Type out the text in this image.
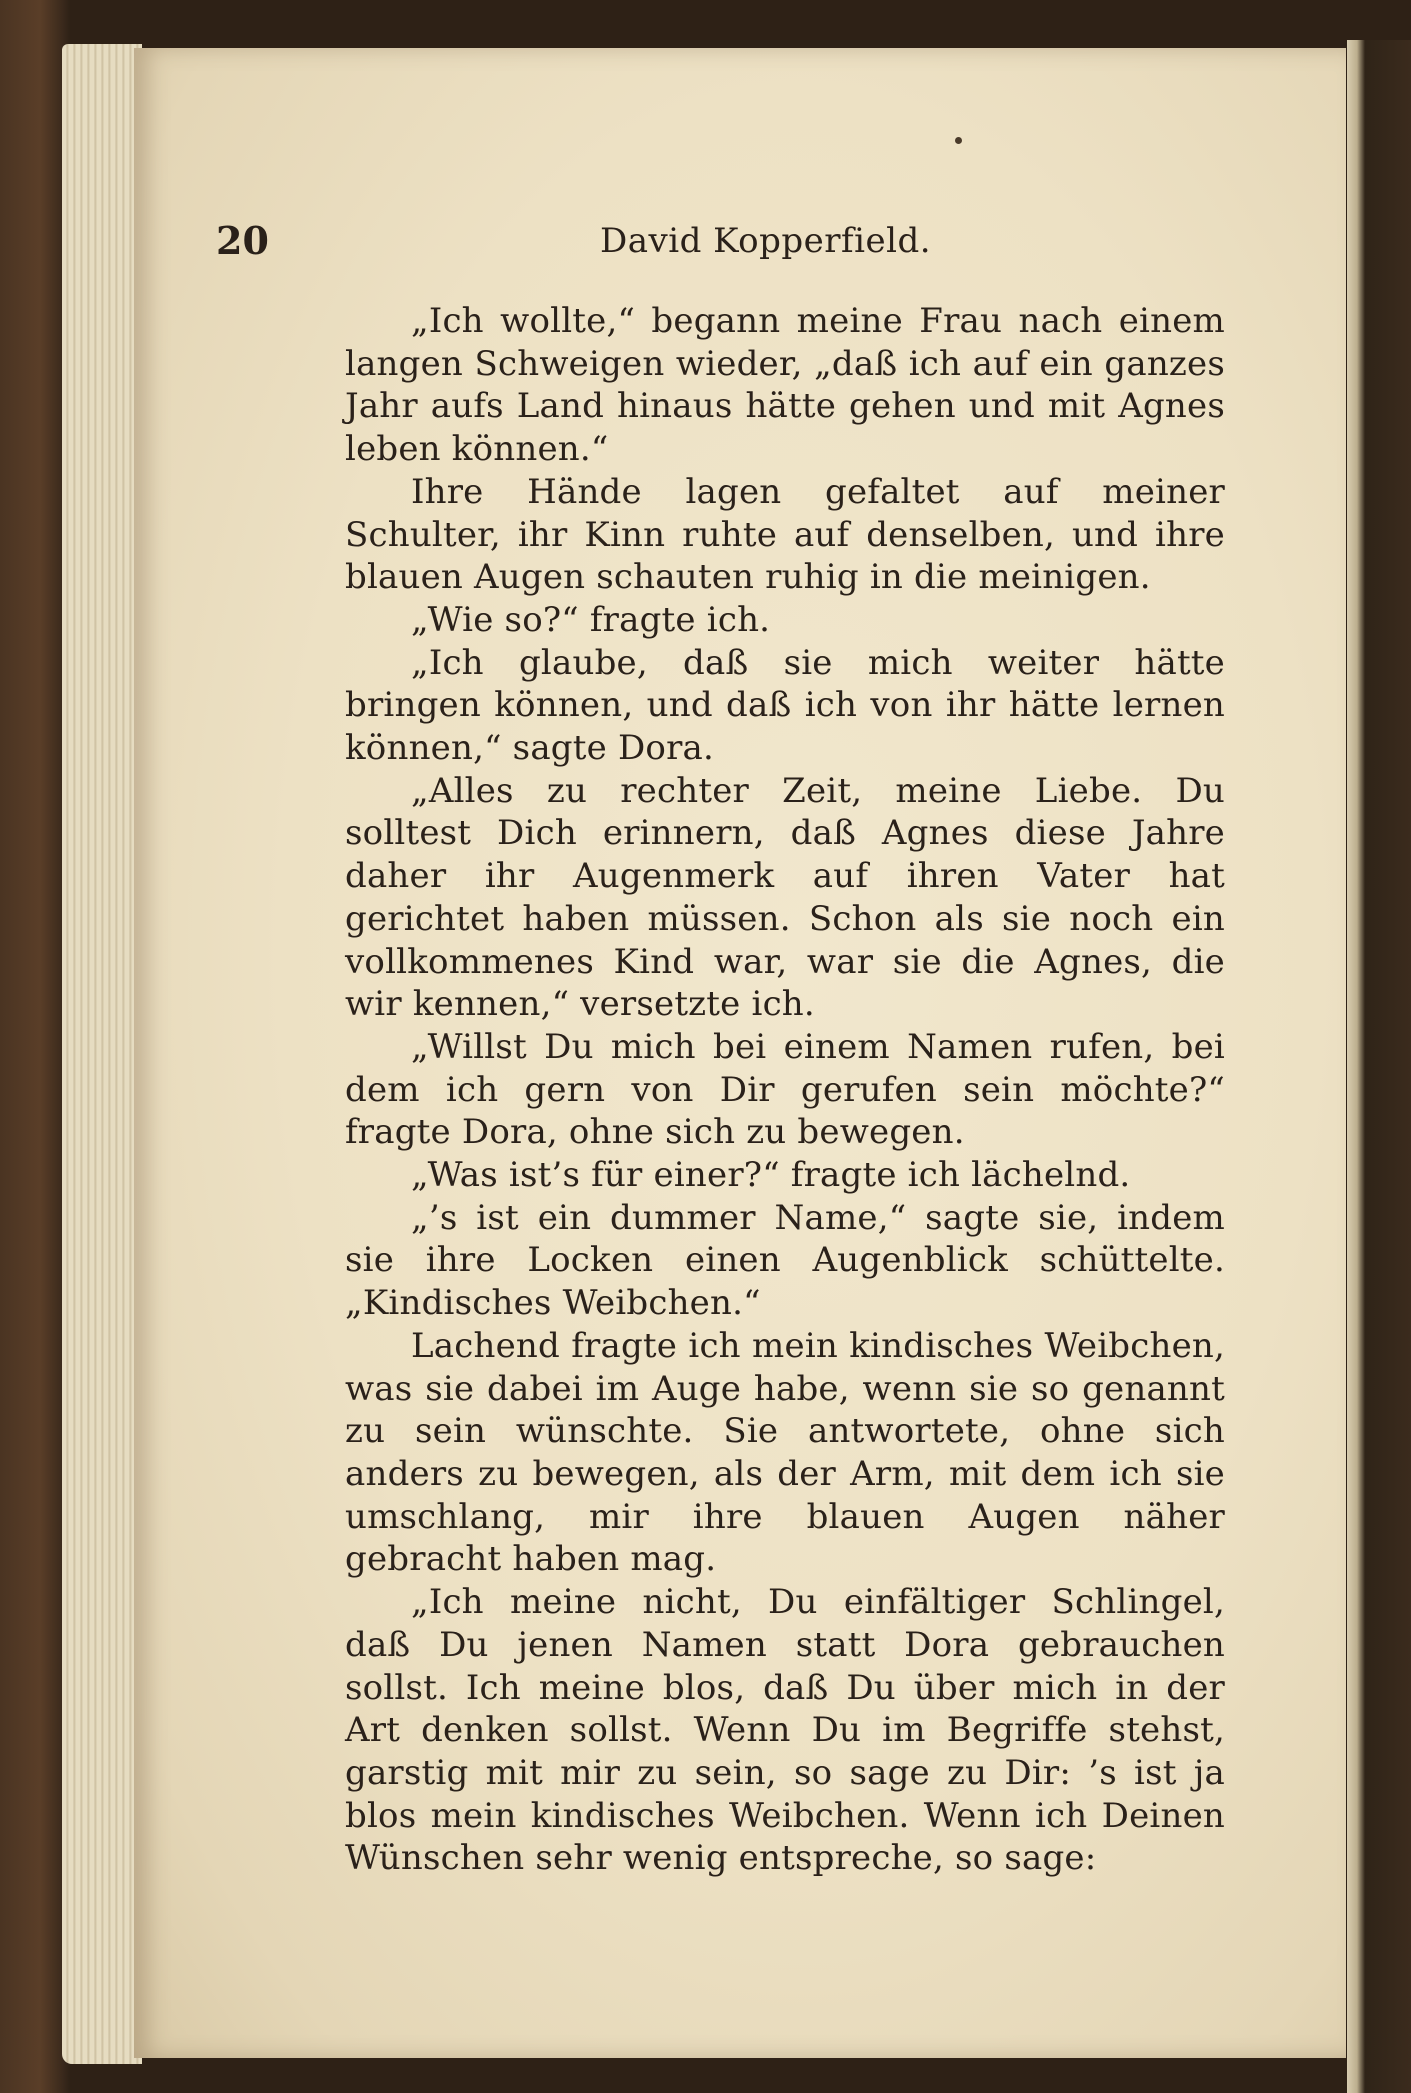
20	David Kopperfield.

„Ich wollte,“ begann meine Frau nach einem langen Schweigen wieder, „daß ich auf ein ganzes Jahr aufs Land hinaus hätte gehen und mit Agnes leben können.“

Ihre Hände lagen gefaltet auf meiner Schulter, ihr Kinn ruhte auf denselben, und ihre blauen Augen schauten ruhig in die meinigen.

„Wie so?“ fragte ich.

„Ich glaube, daß sie mich weiter hätte bringen können, und daß ich von ihr hätte lernen können,“ sagte Dora.

„Alles zu rechter Zeit, meine Liebe. Du solltest Dich erinnern, daß Agnes diese Jahre daher ihr Augenmerk auf ihren Vater hat gerichtet haben müssen. Schon als sie noch ein vollkommenes Kind war, war sie die Agnes, die wir kennen,“ versetzte ich.

„Willst Du mich bei einem Namen rufen, bei dem ich gern von Dir gerufen sein möchte?“ fragte Dora, ohne sich zu bewegen.

„Was ist’s für einer?“ fragte ich lächelnd.

„’s ist ein dummer Name,“ sagte sie, indem sie ihre Locken einen Augenblick schüttelte. „Kindisches Weibchen.“

Lachend fragte ich mein kindisches Weibchen, was sie dabei im Auge habe, wenn sie so genannt zu sein wünschte. Sie antwortete, ohne sich anders zu bewegen, als der Arm, mit dem ich sie umschlang, mir ihre blauen Augen näher gebracht haben mag.

„Ich meine nicht, Du einfältiger Schlingel, daß Du jenen Namen statt Dora gebrauchen sollst. Ich meine blos, daß Du über mich in der Art denken sollst. Wenn Du im Begriffe stehst, garstig mit mir zu sein, so sage zu Dir: ’s ist ja blos mein kindisches Weibchen. Wenn ich Deinen Wünschen sehr wenig entspreche, so sage:
